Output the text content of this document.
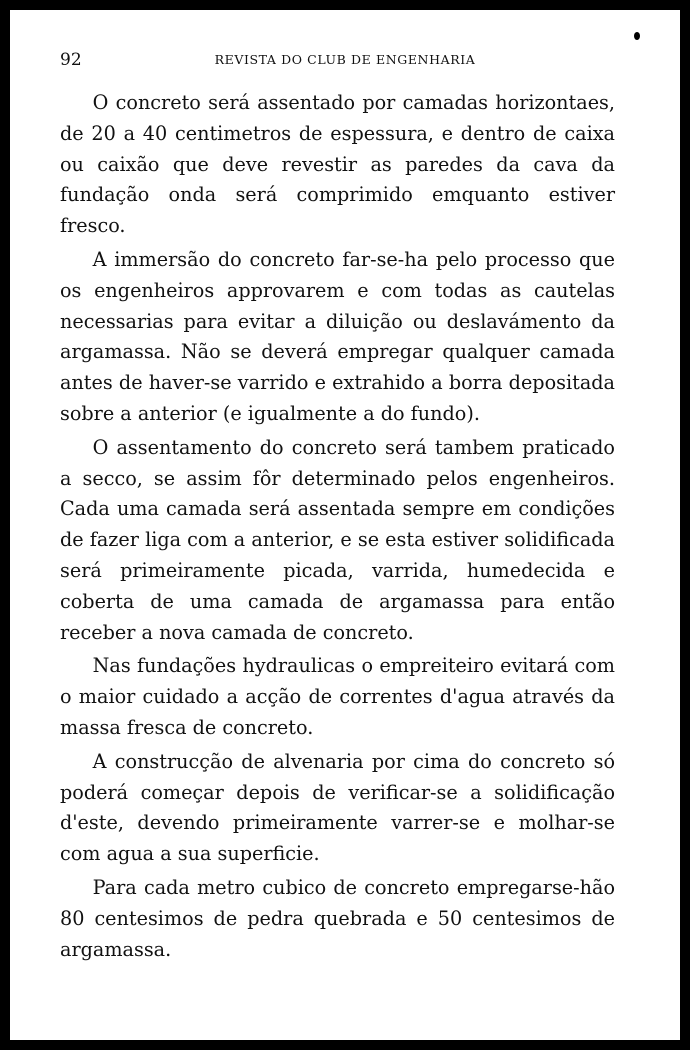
92	REVISTA DO CLUB DE ENGENHARIA

O concreto será assentado por camadas horizontaes, de 20 a 40 centimetros de espessura, e dentro de caixa ou caixão que deve revestir as paredes da cava da fundação onda será comprimido emquanto estiver fresco.

A immersão do concreto far-se-ha pelo processo que os engenheiros approvarem e com todas as cautelas necessarias para evitar a diluição ou deslavámento da argamassa. Não se deverá empregar qualquer camada antes de haver-se varrido e extrahido a borra depositada sobre a anterior (e igualmente a do fundo).

O assentamento do concreto será tambem praticado a secco, se assim fôr determinado pelos engenheiros. Cada uma camada será assentada sempre em condições de fazer liga com a anterior, e se esta estiver solidificada será primeiramente picada, varrida, humedecida e coberta de uma camada de argamassa para então receber a nova camada de concreto.

Nas fundações hydraulicas o empreiteiro evitará com o maior cuidado a acção de correntes d'agua através da massa fresca de concreto.

A construcção de alvenaria por cima do concreto só poderá começar depois de verificar-se a solidificação d'este, devendo primeiramente varrer-se e molhar-se com agua a sua superficie.

Para cada metro cubico de concreto empregarse-hão 80 centesimos de pedra quebrada e 50 centesimos de argamassa.
